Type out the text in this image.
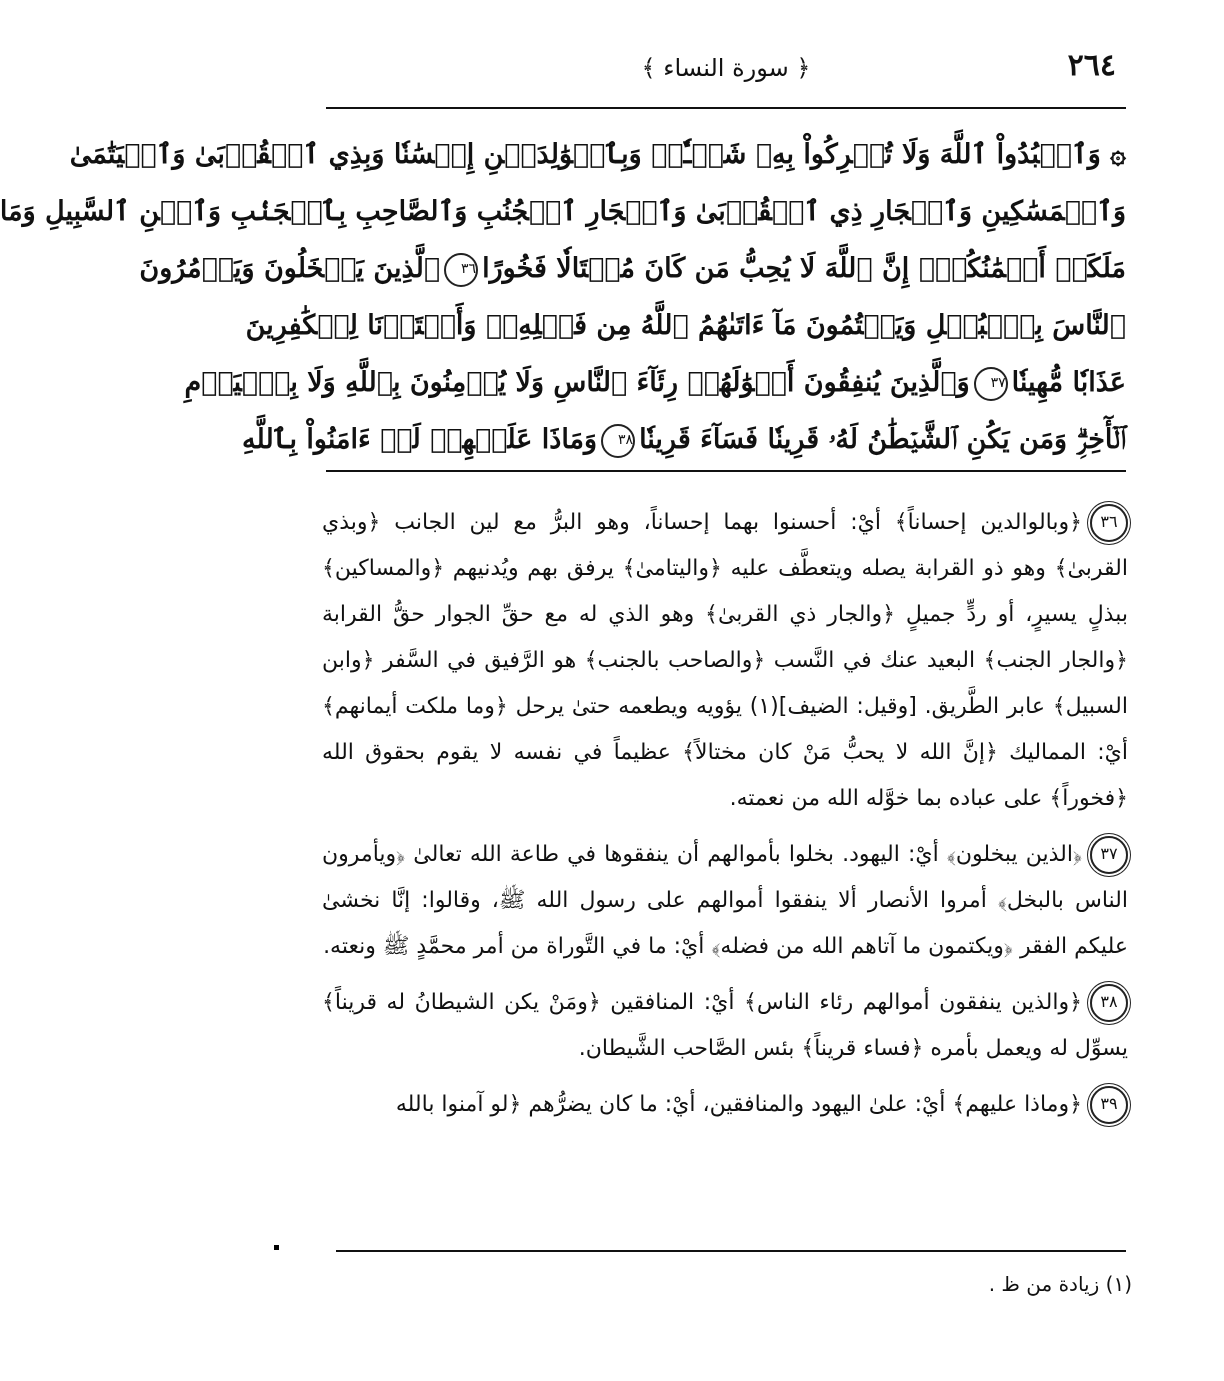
٢٦٤
﴿ سورة النساء ﴾
۞ وَٱعۡبُدُواْ ٱللَّهَ وَلَا تُشۡرِكُواْ بِهِۦ شَيۡـٔٗاۖ وَبِٱلۡوَٰلِدَيۡنِ إِحۡسَٰنٗا وَبِذِي ٱلۡقُرۡبَىٰ وَٱلۡيَتَٰمَىٰ
وَٱلۡمَسَٰكِينِ وَٱلۡجَارِ ذِي ٱلۡقُرۡبَىٰ وَٱلۡجَارِ ٱلۡجُنُبِ وَٱلصَّاحِبِ بِٱلۡجَنۢبِ وَٱبۡنِ ٱلسَّبِيلِ وَمَا
مَلَكَتۡ أَيۡمَٰنُكُمۡۗ إِنَّ ٱللَّهَ لَا يُحِبُّ مَن كَانَ مُخۡتَالٗا فَخُورًا٣٦ٱلَّذِينَ يَبۡخَلُونَ وَيَأۡمُرُونَ
ٱلنَّاسَ بِٱلۡبُخۡلِ وَيَكۡتُمُونَ مَآ ءَاتَىٰهُمُ ٱللَّهُ مِن فَضۡلِهِۦۗ وَأَعۡتَدۡنَا لِلۡكَٰفِرِينَ
عَذَابٗا مُّهِينٗا٣٧وَٱلَّذِينَ يُنفِقُونَ أَمۡوَٰلَهُمۡ رِئَآءَ ٱلنَّاسِ وَلَا يُؤۡمِنُونَ بِٱللَّهِ وَلَا بِٱلۡيَوۡمِ
ٱلۡأٓخِرِۗ وَمَن يَكُنِ ٱلشَّيۡطَٰنُ لَهُۥ قَرِينٗا فَسَآءَ قَرِينٗا٣٨وَمَاذَا عَلَيۡهِمۡ لَوۡ ءَامَنُواْ بِٱللَّهِ

٣٦﴿وبالوالدين إحساناً﴾ أيْ: أحسنوا بهما إحساناً، وهو البرُّ مع لين الجانب ﴿وبذي القربىٰ﴾ وهو ذو القرابة يصله ويتعطَّف عليه ﴿واليتامىٰ﴾ يرفق بهم ويُدنيهم ﴿والمساكين﴾ ببذلٍ يسيرٍ، أو ردٍّ جميلٍ ﴿والجار ذي القربىٰ﴾ وهو الذي له مع حقِّ الجوار حقُّ القرابة ﴿والجار الجنب﴾ البعيد عنك في النَّسب ﴿والصاحب بالجنب﴾ هو الرَّفيق في السَّفر ﴿وابن السبيل﴾ عابر الطَّريق. [وقيل: الضيف](١) يؤويه ويطعمه حتىٰ يرحل ﴿وما ملكت أيمانهم﴾ أيْ: المماليك ﴿إنَّ الله لا يحبُّ مَنْ كان مختالاً﴾ عظيماً في نفسه لا يقوم بحقوق الله ﴿فخوراً﴾ على عباده بما خوَّله الله من نعمته.

٣٧﴿الذين يبخلون﴾ أيْ: اليهود. بخلوا بأموالهم أن ينفقوها في طاعة الله تعالىٰ ﴿ويأمرون الناس بالبخل﴾ أمروا الأنصار ألا ينفقوا أموالهم على رسول الله ﷺ، وقالوا: إنَّا نخشىٰ عليكم الفقر ﴿ويكتمون ما آتاهم الله من فضله﴾ أيْ: ما في التَّوراة من أمر محمَّدٍ ﷺ ونعته.

٣٨﴿والذين ينفقون أموالهم رئاء الناس﴾ أيْ: المنافقين ﴿ومَنْ يكن الشيطانُ له قريناً﴾ يسوِّل له ويعمل بأمره ﴿فساء قريناً﴾ بئس الصَّاحب الشَّيطان.

٣٩﴿وماذا عليهم﴾ أيْ: علىٰ اليهود والمنافقين، أيْ: ما كان يضرُّهم ﴿لو آمنوا بالله

(١) زيادة من ظ .
